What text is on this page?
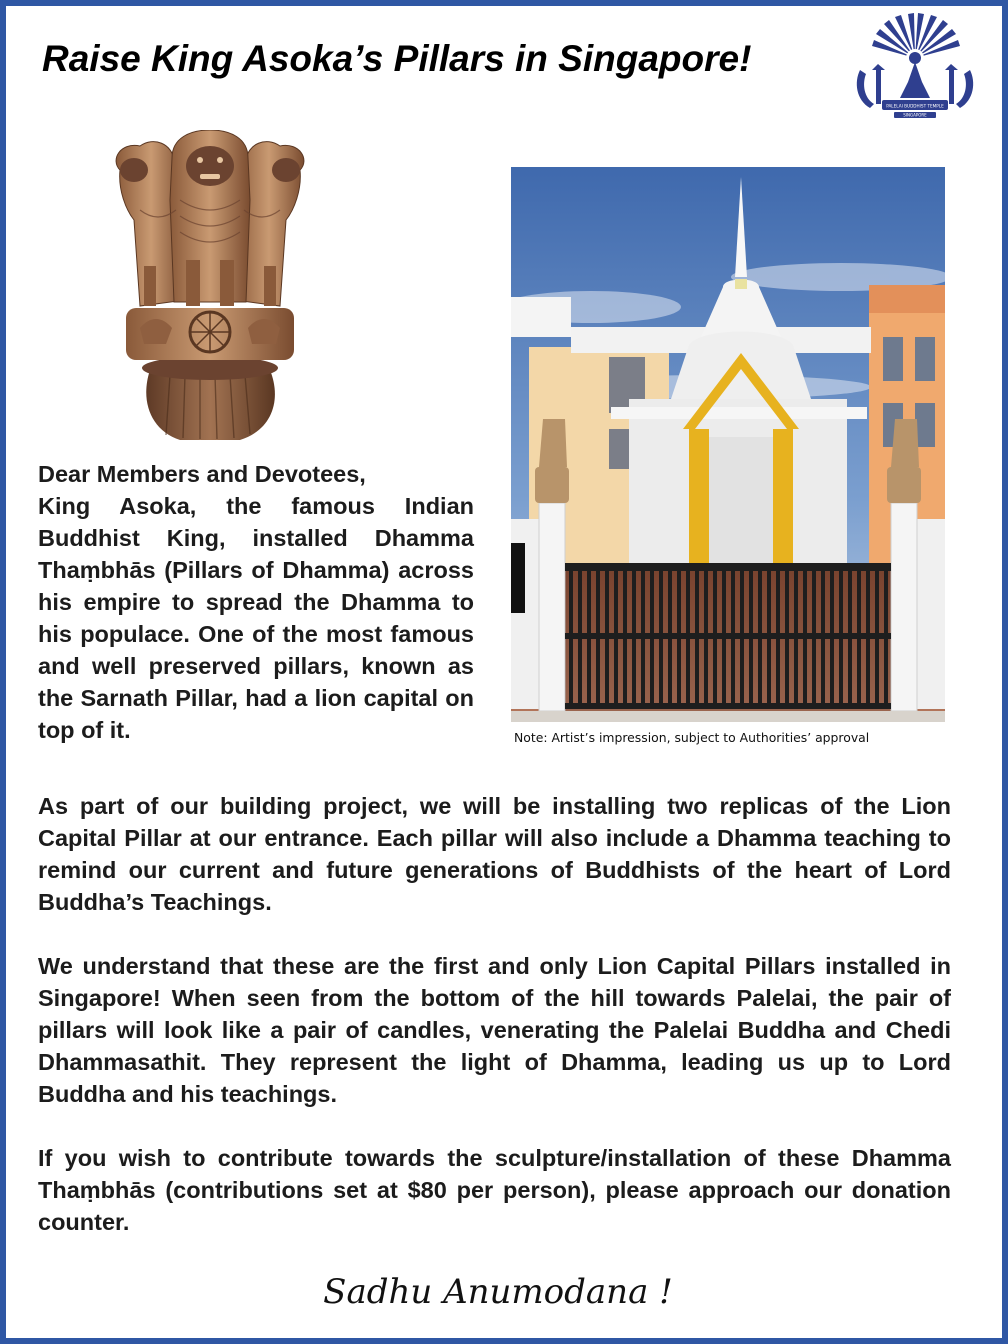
Raise King Asoka’s Pillars in Singapore!
PALELAI BUDDHIST TEMPLE
SINGAPORE
Note: Artist’s impression, subject to Authorities’ approval
Dear Members and Devotees,
King Asoka, the famous Indian Buddhist King, installed Dhamma Thaṃbhās (Pillars of Dhamma) across his empire to spread the Dhamma to his populace. One of the most famous and well preserved pillars, known as the Sarnath Pillar, had a lion capital on top of it.

As part of our building project, we will be installing two replicas of the Lion Capital Pillar at our entrance. Each pillar will also include a Dhamma teaching to remind our current and future generations of Buddhists of the heart of Lord Buddha’s Teachings.

We understand that these are the first and only Lion Capital Pillars installed in Singapore! When seen from the bottom of the hill towards Palelai, the pair of pillars will look like a pair of candles, venerating the Palelai Buddha and Chedi Dhammasathit. They represent the light of Dhamma, leading us up to Lord Buddha and his teachings.

If you wish to contribute towards the sculpture/installation of these Dhamma Thaṃbhās (contributions set at $80 per person), please approach our donation counter.

Sadhu Anumodana !
